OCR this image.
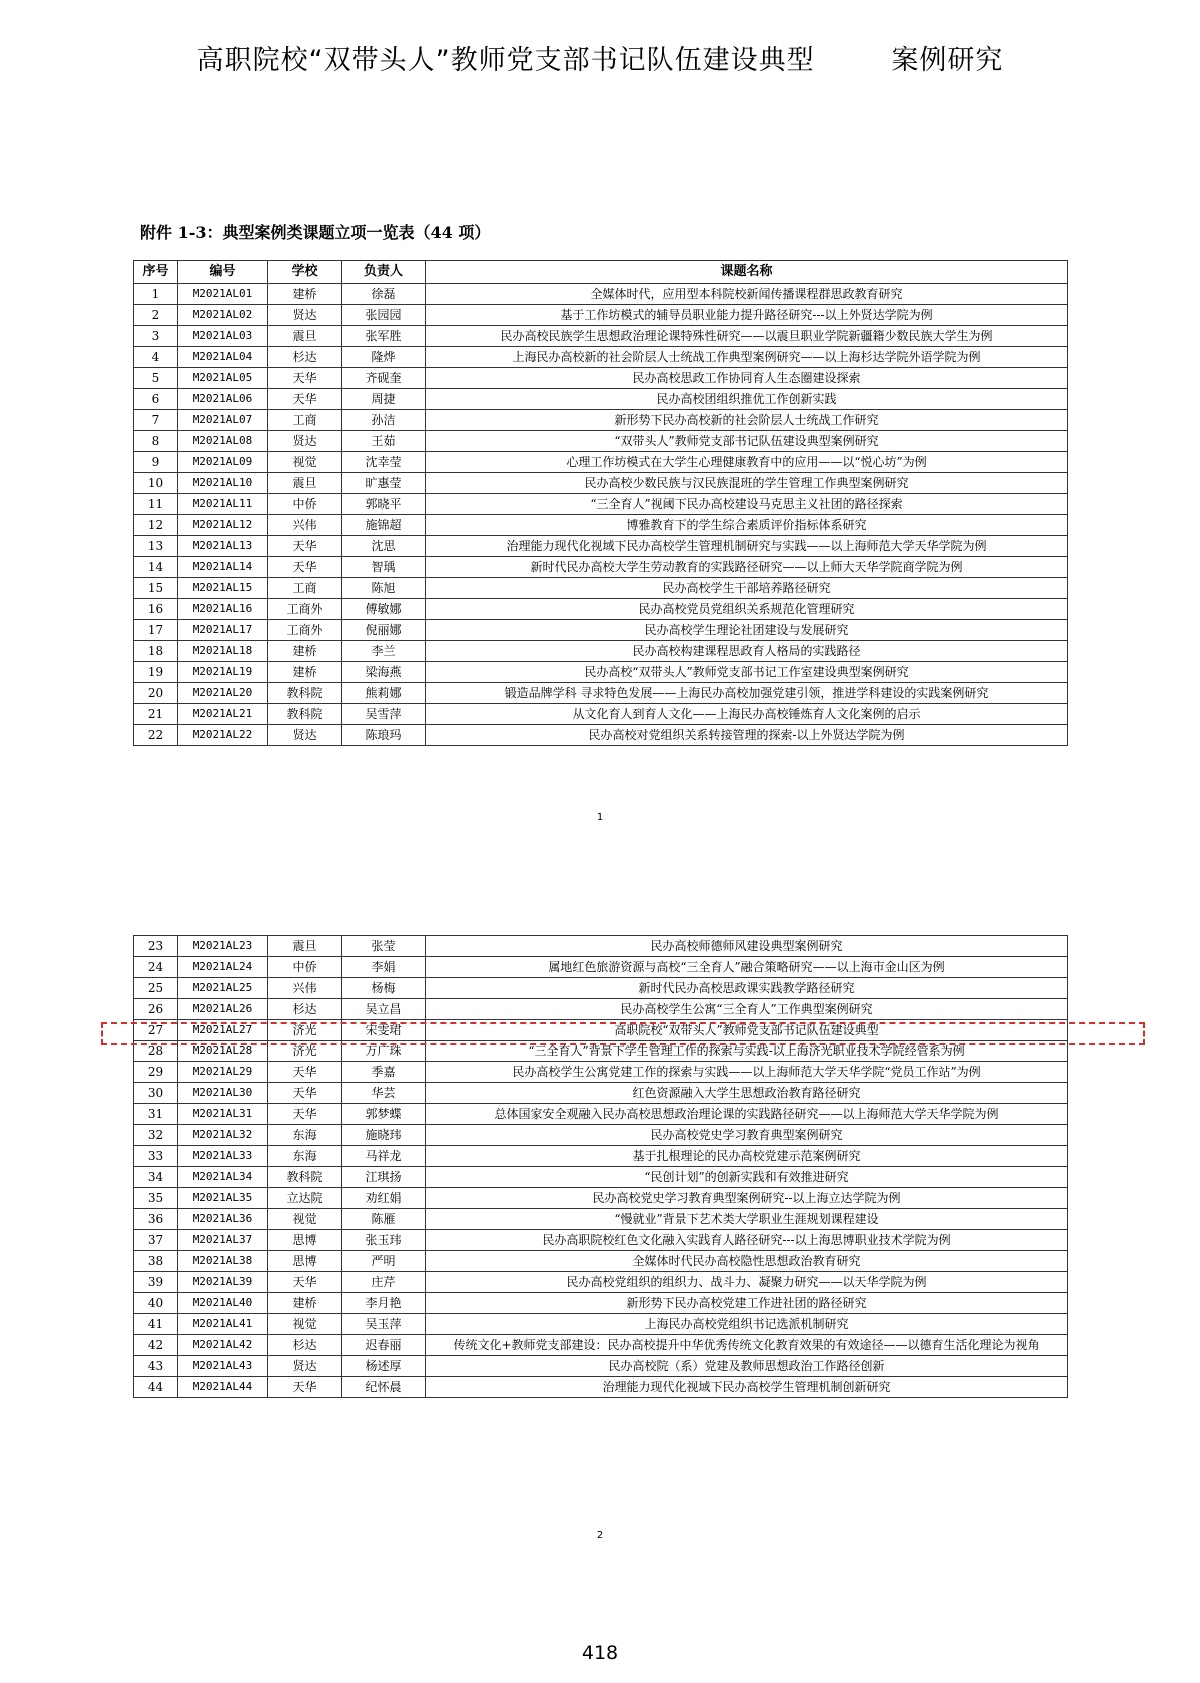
高职院校“双带头人”教师党支部书记队伍建设典型	案例研究
附件 1-3：典型案例类课题立项一览表（44 项）
序号	编号	学校	负责人	课题名称
1	M2021AL01	建桥	徐磊	全媒体时代，应用型本科院校新闻传播课程群思政教育研究
2	M2021AL02	贤达	张园园	基于工作坊模式的辅导员职业能力提升路径研究---以上外贤达学院为例
3	M2021AL03	震旦	张军胜	民办高校民族学生思想政治理论课特殊性研究——以震旦职业学院新疆籍少数民族大学生为例
4	M2021AL04	杉达	隆烨	上海民办高校新的社会阶层人士统战工作典型案例研究——以上海杉达学院外语学院为例
5	M2021AL05	天华	齐砚奎	民办高校思政工作协同育人生态圈建设探索
6	M2021AL06	天华	周捷	民办高校团组织推优工作创新实践
7	M2021AL07	工商	孙洁	新形势下民办高校新的社会阶层人士统战工作研究
8	M2021AL08	贤达	王茹	“双带头人”教师党支部书记队伍建设典型案例研究
9	M2021AL09	视觉	沈幸莹	心理工作坊模式在大学生心理健康教育中的应用——以“悦心坊”为例
10	M2021AL10	震旦	旷惠莹	民办高校少数民族与汉民族混班的学生管理工作典型案例研究
11	M2021AL11	中侨	郭晓平	“三全育人”视阈下民办高校建设马克思主义社团的路径探索
12	M2021AL12	兴伟	施锦超	博雅教育下的学生综合素质评价指标体系研究
13	M2021AL13	天华	沈思	治理能力现代化视域下民办高校学生管理机制研究与实践——以上海师范大学天华学院为例
14	M2021AL14	天华	智瑀	新时代民办高校大学生劳动教育的实践路径研究——以上师大天华学院商学院为例
15	M2021AL15	工商	陈旭	民办高校学生干部培养路径研究
16	M2021AL16	工商外	傅敏娜	民办高校党员党组织关系规范化管理研究
17	M2021AL17	工商外	倪丽娜	民办高校学生理论社团建设与发展研究
18	M2021AL18	建桥	李兰	民办高校构建课程思政育人格局的实践路径
19	M2021AL19	建桥	梁海燕	民办高校“双带头人”教师党支部书记工作室建设典型案例研究
20	M2021AL20	教科院	熊莉娜	锻造品牌学科 寻求特色发展——上海民办高校加强党建引领，推进学科建设的实践案例研究
21	M2021AL21	教科院	吴雪萍	从文化育人到育人文化——上海民办高校锤炼育人文化案例的启示
22	M2021AL22	贤达	陈琅玛	民办高校对党组织关系转接管理的探索-以上外贤达学院为例
1
23	M2021AL23	震旦	张莹	民办高校师德师风建设典型案例研究
24	M2021AL24	中侨	李娟	属地红色旅游资源与高校“三全育人”融合策略研究——以上海市金山区为例
25	M2021AL25	兴伟	杨梅	新时代民办高校思政课实践教学路径研究
26	M2021AL26	杉达	吴立昌	民办高校学生公寓“三全育人”工作典型案例研究
27	M2021AL27	济光	宋雯珺	高职院校“双带头人”教师党支部书记队伍建设典型
28	M2021AL28	济光	万广珠	“三全育人”背景下学生管理工作的探索与实践-以上海济光职业技术学院经管系为例
29	M2021AL29	天华	季嘉	民办高校学生公寓党建工作的探索与实践——以上海师范大学天华学院“党员工作站”为例
30	M2021AL30	天华	华芸	红色资源融入大学生思想政治教育路径研究
31	M2021AL31	天华	郭梦蝶	总体国家安全观融入民办高校思想政治理论课的实践路径研究——以上海师范大学天华学院为例
32	M2021AL32	东海	施晓玮	民办高校党史学习教育典型案例研究
33	M2021AL33	东海	马祥龙	基于扎根理论的民办高校党建示范案例研究
34	M2021AL34	教科院	江琪扬	“民创计划”的创新实践和有效推进研究
35	M2021AL35	立达院	劝红娟	民办高校党史学习教育典型案例研究--以上海立达学院为例
36	M2021AL36	视觉	陈雁	“慢就业”背景下艺术类大学职业生涯规划课程建设
37	M2021AL37	思博	张玉玮	民办高职院校红色文化融入实践育人路径研究---以上海思博职业技术学院为例
38	M2021AL38	思博	严明	全媒体时代民办高校隐性思想政治教育研究
39	M2021AL39	天华	庄芹	民办高校党组织的组织力、战斗力、凝聚力研究——以天华学院为例
40	M2021AL40	建桥	李月艳	新形势下民办高校党建工作进社团的路径研究
41	M2021AL41	视觉	吴玉萍	上海民办高校党组织书记选派机制研究
42	M2021AL42	杉达	迟春丽	传统文化+教师党支部建设：民办高校提升中华优秀传统文化教育效果的有效途径——以德育生活化理论为视角
43	M2021AL43	贤达	杨述厚	民办高校院（系）党建及教师思想政治工作路径创新
44	M2021AL44	天华	纪怀晨	治理能力现代化视域下民办高校学生管理机制创新研究
2
418
